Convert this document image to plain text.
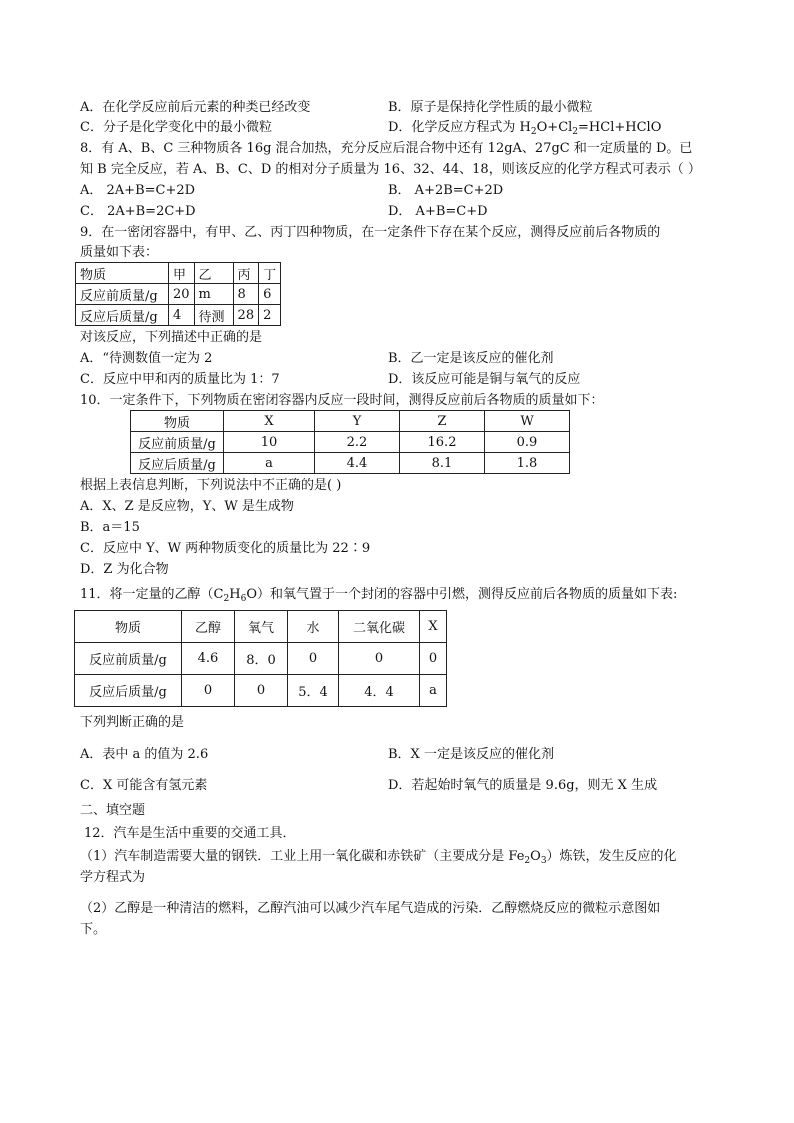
A．在化学反应前后元素的种类已经改变	B．原子是保持化学性质的最小微粒
C．分子是化学变化中的最小微粒	D．化学反应方程式为 $H_2O+Cl_2=HCl+HClO$
8．有 A、B、C 三种物质各 16g 混合加热，充分反应后混合物中还有 12gA、27gC 和一定质量的 D。已
知 B 完全反应，若 A、B、C、D 的相对分子质量为 16、32、44、18，则该反应的化学方程式可表示（ ）
A． 2A+B=C+2D	B． A+2B=C+2D
C． 2A+B=2C+D	D． A+B=C+D
9．在一密闭容器中，有甲、乙、丙丁四种物质，在一定条件下存在某个反应，测得反应前后各物质的
质量如下表：
物质	甲	乙	丙	丁
反应前质量/g	20	m	8	6
反应后质量/g	4	待测	28	2
对该反应，下列描述中正确的是
A．“待测数值一定为 2	B．乙一定是该反应的催化剂
C．反应中甲和丙的质量比为 1：7	D．该反应可能是铜与氧气的反应
10．一定条件下，下列物质在密闭容器内反应一段时间，测得反应前后各物质的质量如下：
物质	X	Y	Z	W
反应前质量/g	10	2.2	16.2	0.9
反应后质量/g	a	4.4	8.1	1.8
根据上表信息判断，下列说法中不正确的是( )
A．X、Z 是反应物，Y、W 是生成物
B．a＝15
C．反应中 Y、W 两种物质变化的质量比为 22∶9
D．Z 为化合物
11．将一定量的乙醇$(C_2H_6O)$和氧气置于一个封闭的容器中引燃，测得反应前后各物质的质量如下表:
物质	乙醇	氧气	水	二氧化碳	X
反应前质量/g	4.6	8．0	0	0	0
反应后质量/g	0	0	5．4	4．4	a
下列判断正确的是
A．表中 a 的值为 2.6	B．X 一定是该反应的催化剂
C．X 可能含有氢元素	D．若起始时氧气的质量是 9.6g，则无 X 生成
二、填空题
12．汽车是生活中重要的交通工具．
（1）汽车制造需要大量的钢铁．工业上用一氧化碳和赤铁矿（主要成分是 $Fe_2O_3$）炼铁，发生反应的化
学方程式为
（2）乙醇是一种清洁的燃料，乙醇汽油可以减少汽车尾气造成的污染．乙醇燃烧反应的微粒示意图如
下。
